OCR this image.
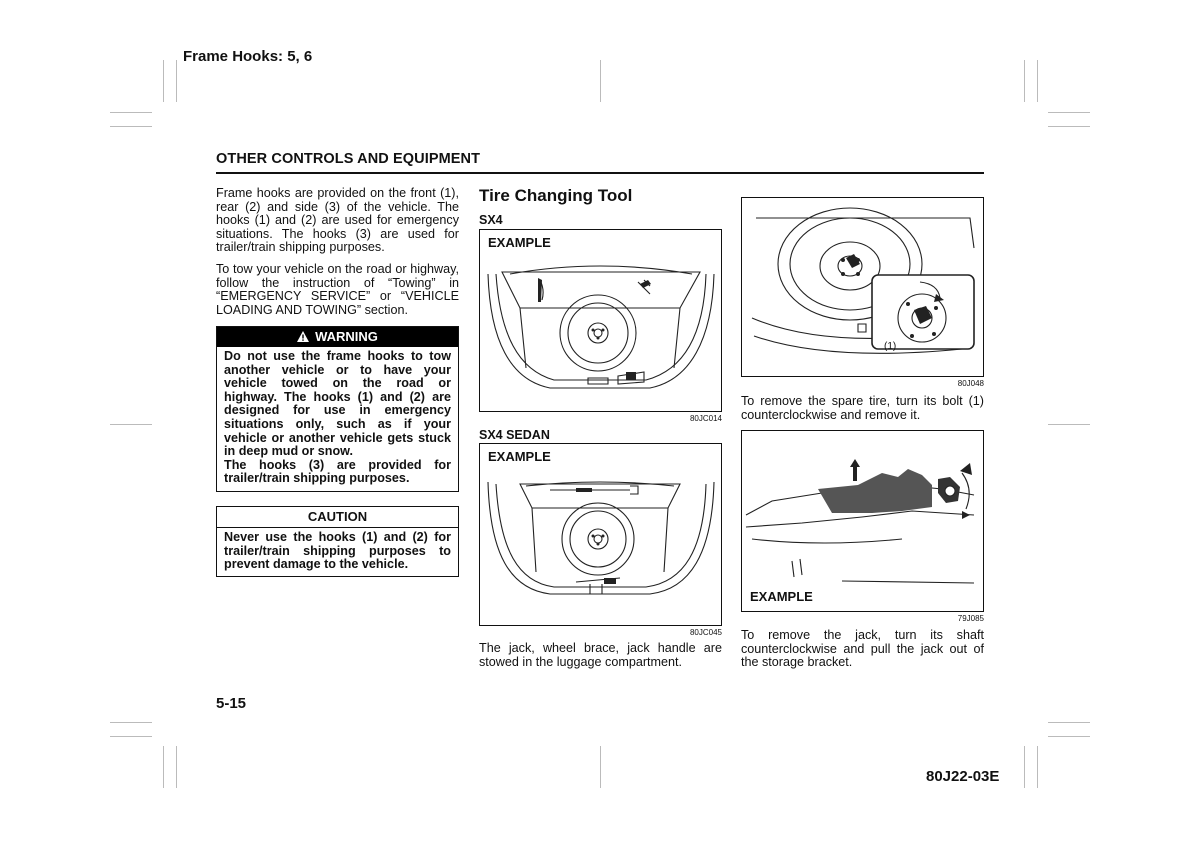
Frame Hooks: 5, 6
OTHER CONTROLS AND EQUIPMENT

Frame hooks are provided on the front (1), rear (2) and side (3) of the vehicle. The hooks (1) and (2) are used for emergency situations. The hooks (3) are used for trailer/train shipping purposes.

To tow your vehicle on the road or highway, follow the instruction of “Towing” in “EMERGENCY SERVICE” or “VEHICLE LOADING AND TOWING” section.

WARNING

Do not use the frame hooks to tow another vehicle or to have your vehicle towed on the road or highway. The hooks (1) and (2) are designed for use in emergency situations only, such as if your vehicle or another vehicle gets stuck in deep mud or snow.

The hooks (3) are provided for trailer/train shipping purposes.

CAUTION
Never use the hooks (1) and (2) for trailer/train shipping purposes to prevent damage to the vehicle.
Tire Changing Tool
SX4
EXAMPLE
80JC014
SX4 SEDAN
EXAMPLE
80JC045

The jack, wheel brace, jack handle are stowed in the luggage compartment.

(1)
80J048

To remove the spare tire, turn its bolt (1) counterclockwise and remove it.

EXAMPLE
79J085

To remove the jack, turn its shaft counterclockwise and pull the jack out of the storage bracket.

5-15
80J22-03E
